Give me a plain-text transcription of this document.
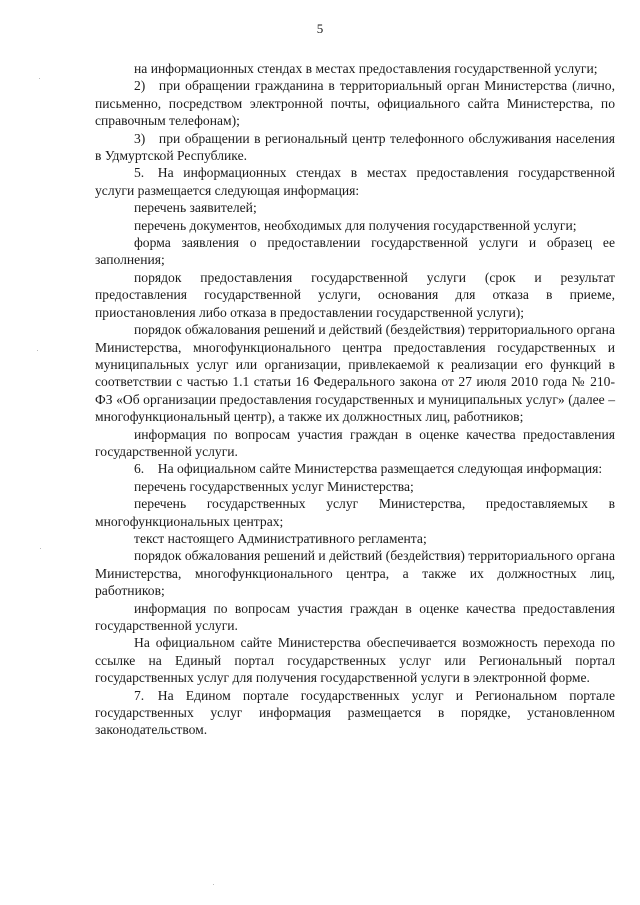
5

на информационных стендах в местах предоставления государственной услуги;

2) при обращении гражданина в территориальный орган Министерства (лично, письменно, посредством электронной почты, официального сайта Министерства, по справочным телефонам);

3) при обращении в региональный центр телефонного обслуживания населения в Удмуртской Республике.

5. На информационных стендах в местах предоставления государственной услуги размещается следующая информация:

перечень заявителей;

перечень документов, необходимых для получения государственной услуги;

форма заявления о предоставлении государственной услуги и образец ее заполнения;

порядок предоставления государственной услуги (срок и результат предоставления государственной услуги, основания для отказа в приеме, приостановления либо отказа в предоставлении государственной услуги);

порядок обжалования решений и действий (бездействия) территориального органа Министерства, многофункционального центра предоставления государственных и муниципальных услуг или организации, привлекаемой к реализации его функций в соответствии с частью 1.1 статьи 16 Федерального закона от 27 июля 2010 года № 210-ФЗ «Об организации предоставления государственных и муниципальных услуг» (далее – многофункциональный центр), а также их должностных лиц, работников;

информация по вопросам участия граждан в оценке качества предоставления государственной услуги.

6. На официальном сайте Министерства размещается следующая информация:

перечень государственных услуг Министерства;

перечень государственных услуг Министерства, предоставляемых в многофункциональных центрах;

текст настоящего Административного регламента;

порядок обжалования решений и действий (бездействия) территориального органа Министерства, многофункционального центра, а также их должностных лиц, работников;

информация по вопросам участия граждан в оценке качества предоставления государственной услуги.

На официальном сайте Министерства обеспечивается возможность перехода по ссылке на Единый портал государственных услуг или Региональный портал государственных услуг для получения государственной услуги в электронной форме.

7. На Едином портале государственных услуг и Региональном портале государственных услуг информация размещается в порядке, установленном законодательством.
